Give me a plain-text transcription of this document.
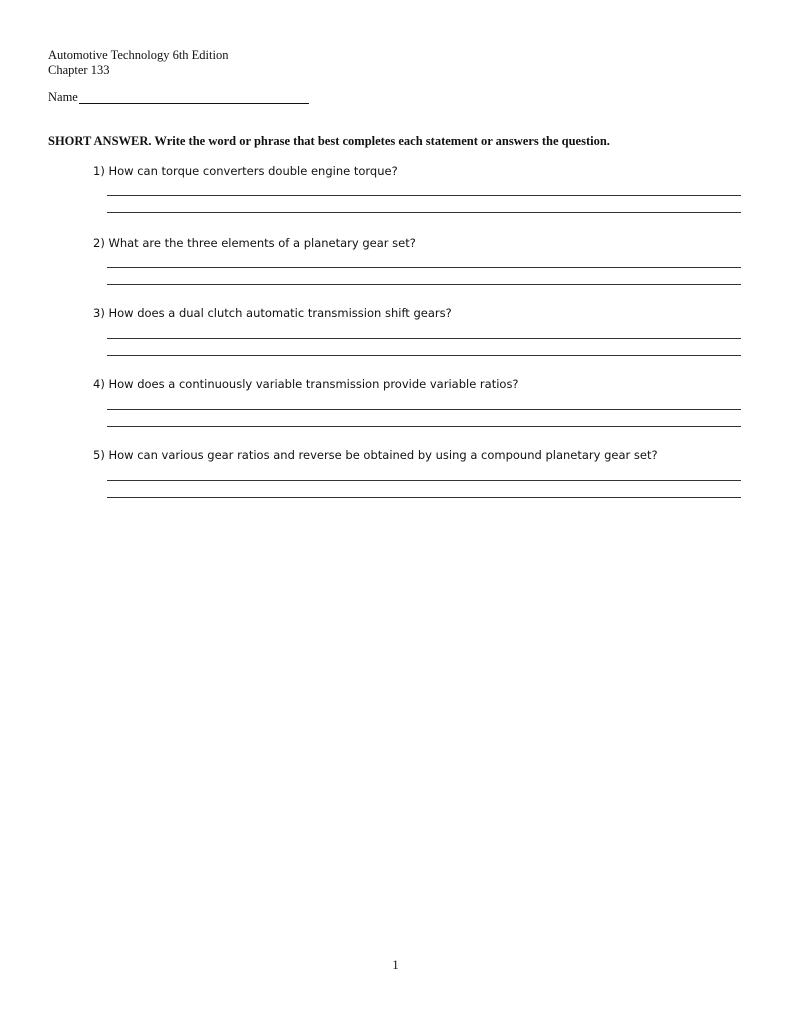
Automotive Technology 6th Edition
Chapter 133
Name
SHORT ANSWER. Write the word or phrase that best completes each statement or answers the question.
1) How can torque converters double engine torque?
2) What are the three elements of a planetary gear set?
3) How does a dual clutch automatic transmission shift gears?
4) How does a continuously variable transmission provide variable ratios?
5) How can various gear ratios and reverse be obtained by using a compound planetary gear set?
1
